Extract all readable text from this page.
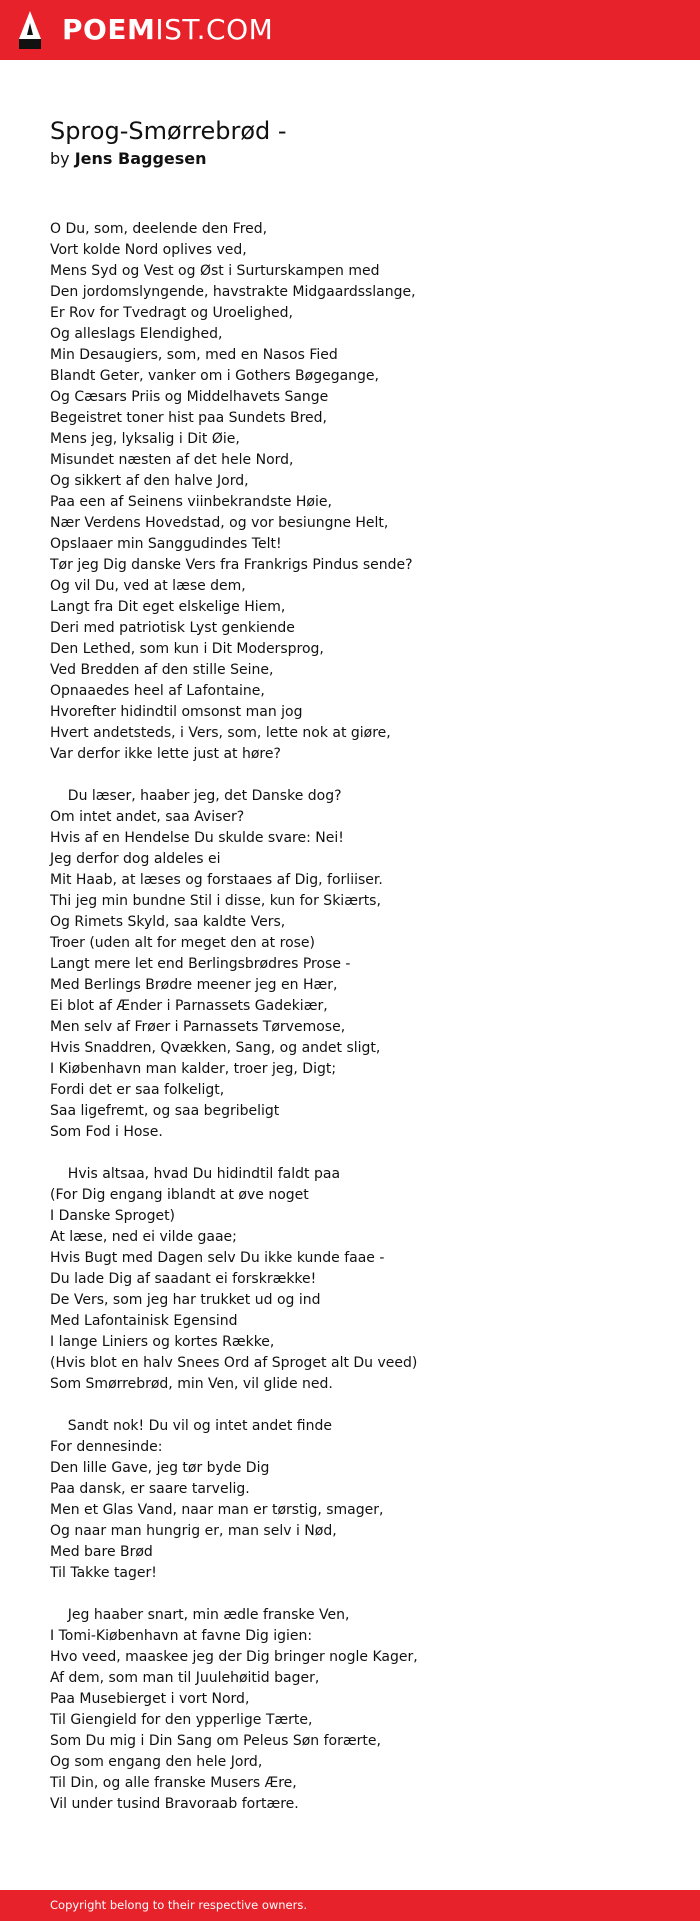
POEMIST.COM
Sprog-Smørrebrød -
by Jens Baggesen
O Du, som, deelende den Fred,
Vort kolde Nord oplives ved,
Mens Syd og Vest og Øst i Surturskampen med
Den jordomslyngende, havstrakte Midgaardsslange,
Er Rov for Tvedragt og Uroelighed,
Og alleslags Elendighed,
Min Desaugiers, som, med en Nasos Fied
Blandt Geter, vanker om i Gothers Bøgegange,
Og Cæsars Priis og Middelhavets Sange
Begeistret toner hist paa Sundets Bred,
Mens jeg, lyksalig i Dit Øie,
Misundet næsten af det hele Nord,
Og sikkert af den halve Jord,
Paa een af Seinens viinbekrandste Høie,
Nær Verdens Hovedstad, og vor besiungne Helt,
Opslaaer min Sanggudindes Telt!
Tør jeg Dig danske Vers fra Frankrigs Pindus sende?
Og vil Du, ved at læse dem,
Langt fra Dit eget elskelige Hiem,
Deri med patriotisk Lyst genkiende
Den Lethed, som kun i Dit Modersprog,
Ved Bredden af den stille Seine,
Opnaaedes heel af Lafontaine,
Hvorefter hidindtil omsonst man jog
Hvert andetsteds, i Vers, som, lette nok at giøre,
Var derfor ikke lette just at høre?
Du læser, haaber jeg, det Danske dog?
Om intet andet, saa Aviser?
Hvis af en Hendelse Du skulde svare: Nei!
Jeg derfor dog aldeles ei
Mit Haab, at læses og forstaaes af Dig, forliiser.
Thi jeg min bundne Stil i disse, kun for Skiærts,
Og Rimets Skyld, saa kaldte Vers,
Troer (uden alt for meget den at rose)
Langt mere let end Berlingsbrødres Prose -
Med Berlings Brødre meener jeg en Hær,
Ei blot af Ænder i Parnassets Gadekiær,
Men selv af Frøer i Parnassets Tørvemose,
Hvis Snaddren, Qvækken, Sang, og andet sligt,
I Kiøbenhavn man kalder, troer jeg, Digt;
Fordi det er saa folkeligt,
Saa ligefremt, og saa begribeligt
Som Fod i Hose.
Hvis altsaa, hvad Du hidindtil faldt paa
(For Dig engang iblandt at øve noget
I Danske Sproget)
At læse, ned ei vilde gaae;
Hvis Bugt med Dagen selv Du ikke kunde faae -
Du lade Dig af saadant ei forskrække!
De Vers, som jeg har trukket ud og ind
Med Lafontainisk Egensind
I lange Liniers og kortes Række,
(Hvis blot en halv Snees Ord af Sproget alt Du veed)
Som Smørrebrød, min Ven, vil glide ned.
Sandt nok! Du vil og intet andet finde
For dennesinde:
Den lille Gave, jeg tør byde Dig
Paa dansk, er saare tarvelig.
Men et Glas Vand, naar man er tørstig, smager,
Og naar man hungrig er, man selv i Nød,
Med bare Brød
Til Takke tager!
Jeg haaber snart, min ædle franske Ven,
I Tomi-Kiøbenhavn at favne Dig igien:
Hvo veed, maaskee jeg der Dig bringer nogle Kager,
Af dem, som man til Juulehøitid bager,
Paa Musebierget i vort Nord,
Til Giengield for den ypperlige Tærte,
Som Du mig i Din Sang om Peleus Søn forærte,
Og som engang den hele Jord,
Til Din, og alle franske Musers Ære,
Vil under tusind Bravoraab fortære.
Copyright belong to their respective owners.
